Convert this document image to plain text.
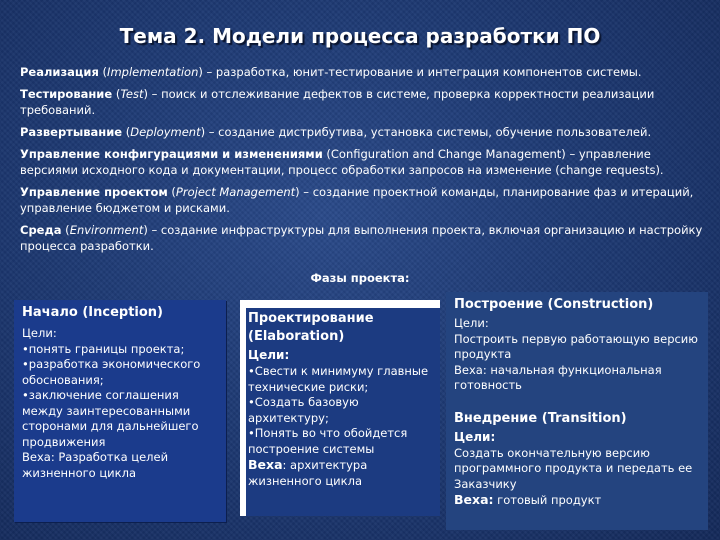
Тема 2. Модели процесса разработки ПО

Реализация (Implementation) – разработка, юнит-тестирование и интеграция компонентов системы.

Тестирование (Test) – поиск и отслеживание дефектов в системе, проверка корректности реализации требований.

Развертывание (Deployment) – создание дистрибутива, установка системы, обучение пользователей.

Управление конфигурациями и изменениями (Configuration and Change Management) – управление версиями исходного кода и документации, процесс обработки запросов на изменение (change requests).

Управление проектом (Project Management) – создание проектной команды, планирование фаз и итераций, управление бюджетом и рисками.

Среда (Environment) – создание инфраструктуры для выполнения проекта, включая организацию и настройку процесса разработки.

Фазы проекта:
Начало (Inception)

Цели:

•понять границы проекта;

•разработка экономического обоснования;

•заключение соглашения между заинтересованными сторонами для дальнейшего продвижения

Веха: Разработка целей жизненного цикла

Проектирование (Elaboration)
Цели:

•Свести к минимуму главные технические риски;

•Создать базовую архитектуру;

•Понять во что обойдется построение системы

Веха: архитектура жизненного цикла

Построение (Construction)

Цели:

Построить первую работающую версию продукта

Веха: начальная функциональная готовность

Внедрение (Transition)
Цели:

Создать окончательную версию программного продукта и передать ее Заказчику

Веха: готовый продукт
